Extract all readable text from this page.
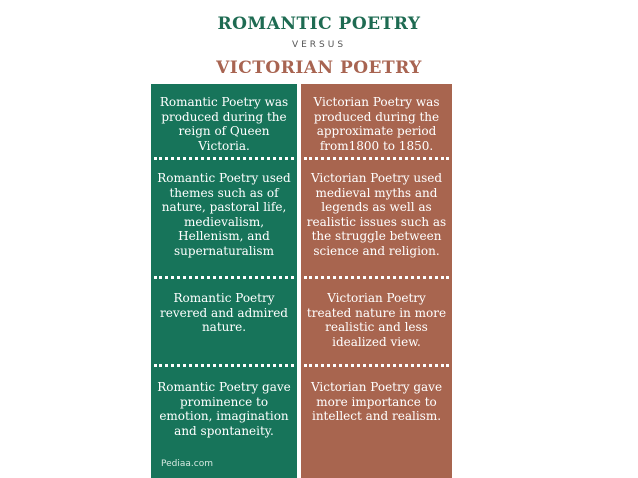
ROMANTIC POETRY
VERSUS
VICTORIAN POETRY
Romantic Poetry was produced during the reign of Queen Victoria.
Romantic Poetry used themes such as of nature, pastoral life, medievalism, Hellenism, and supernaturalism
Romantic Poetry revered and admired nature.
Romantic Poetry gave prominence to emotion, imagination and spontaneity.
Pediaa.com
Victorian Poetry was produced during the approximate period from1800 to 1850.
Victorian Poetry used medieval myths and legends as well as realistic issues such as the struggle between science and religion.
Victorian Poetry treated nature in more realistic and less idealized view.
Victorian Poetry gave more importance to intellect and realism.
